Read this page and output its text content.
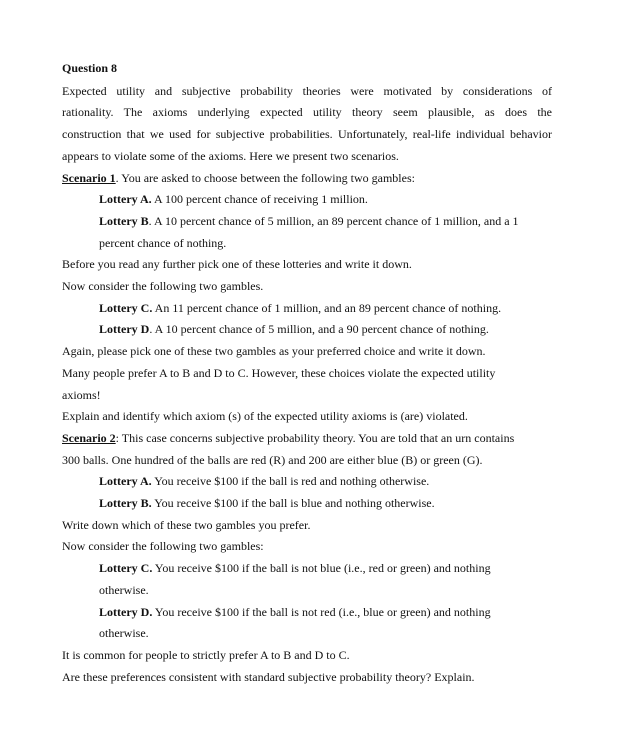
Question 8
Expected utility and subjective probability theories were motivated by considerations of
rationality. The axioms underlying expected utility theory seem plausible, as does the
construction that we used for subjective probabilities. Unfortunately, real-life individual behavior
appears to violate some of the axioms. Here we present two scenarios.
Scenario 1. You are asked to choose between the following two gambles:
Lottery A. A 100 percent chance of receiving 1 million.
Lottery B. A 10 percent chance of 5 million, an 89 percent chance of 1 million, and a 1
percent chance of nothing.
Before you read any further pick one of these lotteries and write it down.
Now consider the following two gambles.
Lottery C. An 11 percent chance of 1 million, and an 89 percent chance of nothing.
Lottery D. A 10 percent chance of 5 million, and a 90 percent chance of nothing.
Again, please pick one of these two gambles as your preferred choice and write it down.
Many people prefer A to B and D to C. However, these choices violate the expected utility
axioms!
Explain and identify which axiom (s) of the expected utility axioms is (are) violated.
Scenario 2: This case concerns subjective probability theory. You are told that an urn contains
300 balls. One hundred of the balls are red (R) and 200 are either blue (B) or green (G).
Lottery A. You receive $100 if the ball is red and nothing otherwise.
Lottery B. You receive $100 if the ball is blue and nothing otherwise.
Write down which of these two gambles you prefer.
Now consider the following two gambles:
Lottery C. You receive $100 if the ball is not blue (i.e., red or green) and nothing
otherwise.
Lottery D. You receive $100 if the ball is not red (i.e., blue or green) and nothing
otherwise.
It is common for people to strictly prefer A to B and D to C.
Are these preferences consistent with standard subjective probability theory? Explain.
